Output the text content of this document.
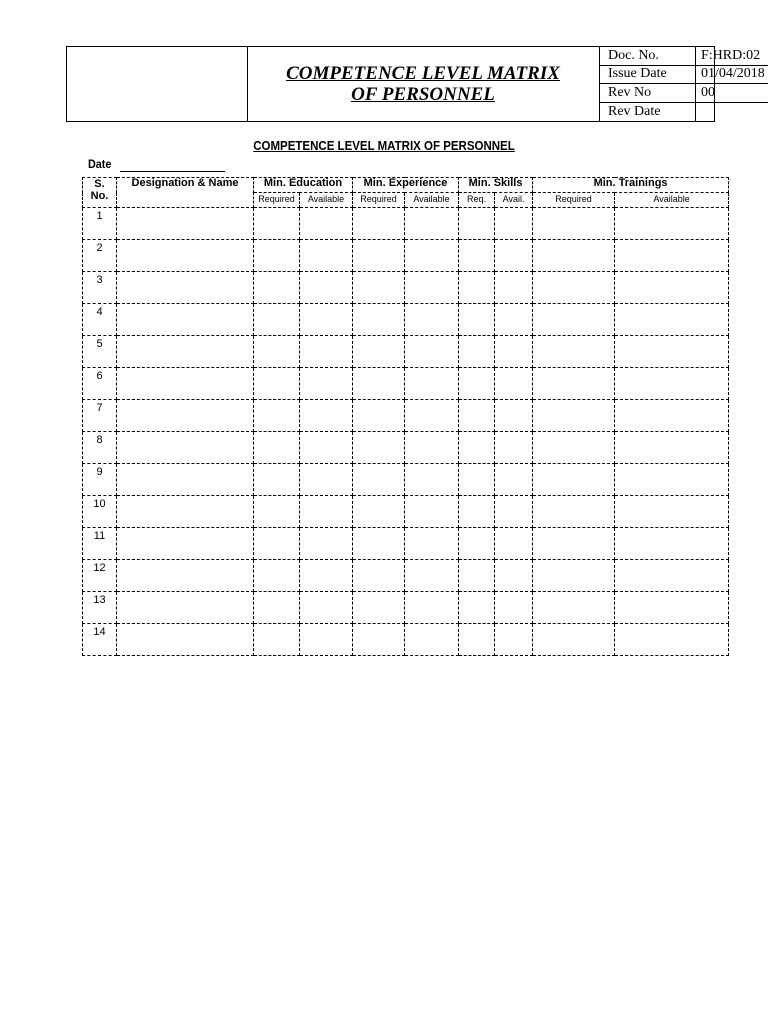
COMPETENCE LEVEL MATRIX
OF PERSONNEL
Doc. No.	F:HRD:02
Issue Date	01/04/2018
Rev No	00
Rev Date
COMPETENCE LEVEL MATRIX OF PERSONNEL
Date
S.
No.	Designation & Name	Min. Education		Min. Experience		Min. Skills		Min. Trainings	
		Required	Available	Required	Available	Req.	Avail.	Required	Available
1									
2									
3									
4									
5									
6									
7									
8									
9									
10									
11									
12									
13									
14									
